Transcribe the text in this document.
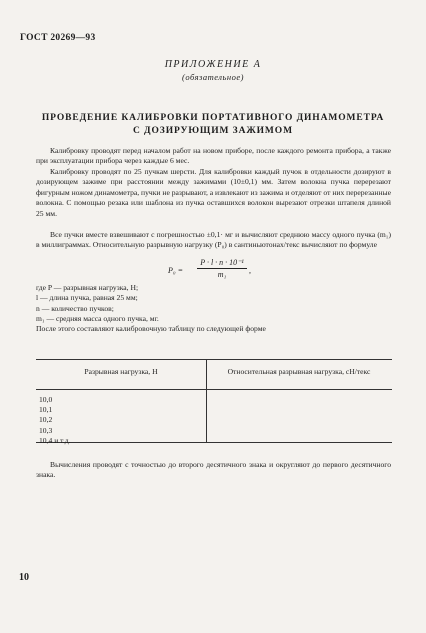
ГОСТ 20269—93
ПРИЛОЖЕНИЕ А
(обязательное)
ПРОВЕДЕНИЕ КАЛИБРОВКИ ПОРТАТИВНОГО ДИНАМОМЕТРА
С ДОЗИРУЮЩИМ ЗАЖИМОМ
Калибровку проводят перед началом работ на новом приборе, после каждого ремонта прибора, а также при эксплуатации прибора через каждые 6 мес.
Калибровку проводят по 25 пучкам шерсти. Для калибровки каждый пучок в отдельности дозируют в дозирующем зажиме при расстоянии между зажимами (10±0,1) мм. Затем волокна пучка перерезают фигурным ножом динамометра, пучки не разрывают, а извлекают из зажима и отделяют от них перерезанные волокна. С помощью резака или шаблона из пучка оставшихся волокон вырезают отрезки штапеля длиной 25 мм.
Все пучки вместе взвешивают с погрешностью ±0,1· мг и вычисляют среднюю массу одного пучка (m₁) в миллиграммах. Относительную разрывную нагрузку (P₀) в сантиньютонах/текс вычисляют по формуле
$P_0 = \frac{\text{P · l · n · 10⁻¹}}{\text{m₁}}$ ,
где P — разрывная нагрузка, Н;
l — длина пучка, равная 25 мм;
n — количество пучков;
m₁ — средняя масса одного пучка, мг.
После этого составляют калибровочную таблицу по следующей форме
Разрывная нагрузка, Н	Относительная разрывная нагрузка, сН/текс
10,0
10,1
10,2
10,3
10,4 и т.д.
Вычисления проводят с точностью до второго десятичного знака и округляют до первого десятичного знака.
10
